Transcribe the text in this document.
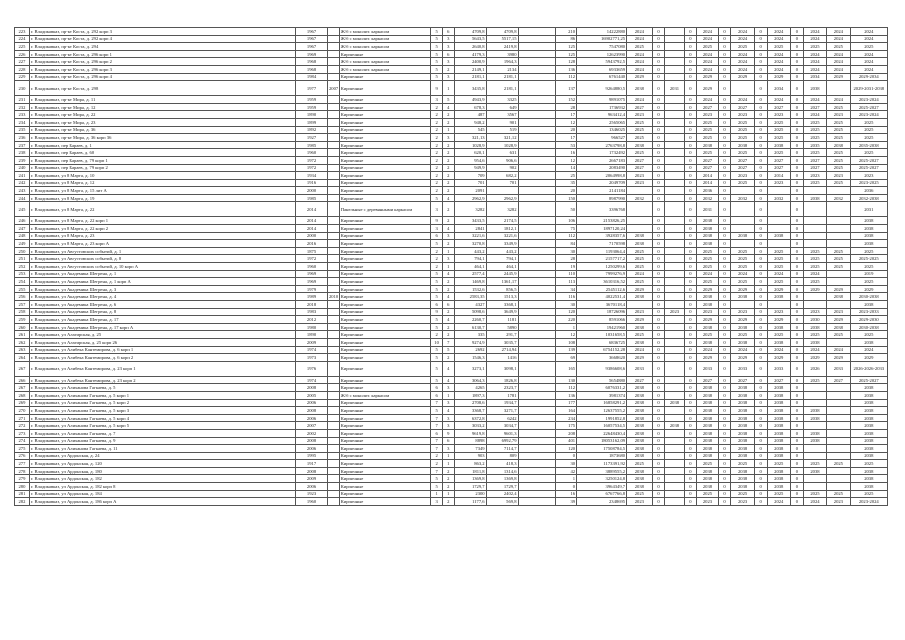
223	г. Владикавказ, пр-кт Коста, д. 292 корп 3	1967		Ж/б с монолит. каркасом	5	6	4709,8	4709,8		210	14222880	2024	0		0	2024	0	2024	0	2024	0	2024	2024	2024
224	г. Владикавказ, пр-кт Коста, д. 292 корп 4	1967		Ж/б с монолит. каркасом	5	3	5643,5	5517,15		86	16902771,25	2024	0		0	2024	0	2024	0	2024	0	2024	2024	2024
225	г. Владикавказ, пр-кт Коста, д. 294	1967		Ж/б с монолит. каркасом	5	3	2640,8	2419,8		125	7547080	2025	0		0	2025	0	2025	0	2025	0	2025	2025	2025
226	г. Владикавказ, пр-кт Коста, д. 296 корп 1	1969		Кирпичные	5	6	4179,3	3980		125	12623990	2024	0		0	2024	0	2024	0	2024	0	2024	2024	2024
227	г. Владикавказ, пр-кт Коста, д. 296 корп 2	1968		Ж/б с монолит. каркасом	5	3	2400,9	1964,3		128	5943792,5	2024	0		0	2024	0	2024	0	2024	0	2024	2024	2024
228	г. Владикавказ, пр-кт Коста, д. 296 корп 3	1968		Ж/б с монолит. каркасом	5	2	2149,1	2134		136	6933659	2024	0		0	2024	0	2024	0	2024	0	2024	2024	2024
229	г. Владикавказ, пр-кт Коста, д. 296 корп 4	1984		Кирпичные	5	3	2181,1	2181,1		112	6761440	2029	0		0	2029	0	2029	0	2029	0	2034	2029	2029-2034
230	г. Владикавказ, пр-кт Коста, д. 298	1977	2007	Кирпичные	9	1	3435,8	2181,1		137	9264880,5	2038	0	2031	0	2029	0		0	2034	0	2038		2029-2031-2038
231	г. Владикавказ, пр-кт Мира, д. 11	1959		Кирпичные	3	5	4943,9	3325		152	9891075	2024	0		0	2024	0	2024	0	2024	0	2024	2024	2023-2024
232	г. Владикавказ, пр-кт Мира, д. 12	1959		Кирпичные	2	4	678,3	649		28	1736932	2027	0		0	2027	0	2027	0	2027	0	2027	2025	2025-2027
233	г. Владикавказ, пр-кт Мира, д. 22	1890		Кирпичные	2	2	487	3567		17	963412,4	2023	0		0	2023	0	2023	0	2023	0	2024	2023	2023-2024
234	г. Владикавказ, пр-кт Мира, д. 23	1899		Кирпичные	2	2	948,2	901		12	2565065	2025	0		0	2025	0	2025	0	2025	0	2025	2025	2025
235	г. Владикавказ, пр-кт Мира, д. 36	1892		Кирпичные	2	1	545	519		20	1346025	2025	0		0	2025	0	2025	0	2025	0	2025	2025	2025
236	г. Владикавказ, пр-кт Мира, д. 36 корп 36	1927		Кирпичные	2	3	321,13	321,12		17	966527	2025	0		0	2025	0	2025	0	2025	0	2025	2025	2025
237	г. Владикавказ, пер Бараев, д. 1	1985		Кирпичные	2	2	1028,9	1028,9		53	2763798,8	2038	0		0	2038	0	2038	0	2038	0	2035	2038	2035-2038
238	г. Владикавказ, пер Бараев, д. 60	1960		Кирпичные	2	2	620,1	631		16	1732492	2025	0		0	2025	0	2025	0	2025	0	2025	2025	2025
239	г. Владикавказ, пер Бараев, д. 79 корп 1	1972		Кирпичные	2	2	954,6	906,6		12	2667183	2027	0		0	2027	0	2027	0	2027	0	2027	2025	2025-2027
240	г. Владикавказ, пер Бараев, д. 79 корп 2	1972		Кирпичные	2	2	949,9	902		14	2083490	2027	0		0	2027	0	2027	0	2027	0	2027	2025	2025-2027
241	г. Владикавказ, ул 8 Марта, д. 10	1934		Кирпичные	2	2	709	682,2		25	2064998,8	2023	0		0	2014	0	2023	0	2014	0	2023	2023	2023
242	г. Владикавказ, ул 8 Марта, д. 12	1916		Кирпичные	2	2	701	701		35	2049709	2023	0		0	2014	0	2025	0	2023	0	2025	2025	2023-2025
243	г. Владикавказ, ул 8 Марта, д. 15 лит А	2000		Кирпичные	2	2	2091			20	2141184		0		0	2036	0		0		0			2036
244	г. Владикавказ, ул 8 Марта, д. 19	1985		Кирпичные	5	4	2962,9	2962,9		150	8987990	2032	0		0	2032	0	2032	0	2032	0	2038	2032	2032-2038
245	г. Владикавказ, ул 8 Марта, д. 22	2014		Панельные с деревянными каркасом	3	2	3282	3282		50	3396768		0		0	2031	0		0		0			2031
246	г. Владикавказ, ул 8 Марта, д. 22 корп 1	2014		Кирпичные	9	2	3433,5	2174,5		106	2153826,25		0		0	2038	0		0		0			2038
247	г. Владикавказ, ул 8 Марта, д. 22 корп 2	2014		Кирпичные	3	4	2841	1812,1		75	1897120,24		0		0	2038	0		0		0			2038
248	г. Владикавказ, ул 8 Марта, д. 23	2000		Кирпичные	6	3	3221,6	3221,6		112	3928357,6	2038	0		0	2038	0	2038	0	2038	0			2038
249	г. Владикавказ, ул 8 Марта, д. 23 корп А	2016		Кирпичные	5	2	3270,8	3349,9		84	7170598	2038	0		0	2038	0		0		0			2038
250	г. Владикавказ, ул Августовских событий, д. 1	1875		Кирпичные	2	1	443,2	443,2		30	1193064,4	2025	0		0	2025	0	2025	0	2025	0	2025	2025	2025
251	г. Владикавказ, ул Августовских событий, д. 8	1972		Кирпичные	2	3	794,1	794,1		28	2157717,2	2025	0		0	2025	0	2025	0	2025	0	2025	2025	2025-2025
252	г. Владикавказ, ул Августовских событий, д. 10 корп А	1960		Кирпичные	2	1	464,1	464,1		19	1250299,6	2025	0		0	2025	0	2025	0	2025	0	2025	2025	2025
253	г. Владикавказ, ул Академика Шегрена, д. 1	1969		Кирпичные	5	4	2577,4	2445,9		110	7999276,9	2024	0		0	2024	0	2024	0	2024	0	2024		2019
254	г. Владикавказ, ул Академика Шегрена, д. 1 корп А	1969		Кирпичные	5	2	1469,8	1361,17		113	3610316,52	2025	0		0	2025	0	2025	0	2025	0	2025		2025
255	г. Владикавказ, ул Академика Шегрена, д. 3	1979		Кирпичные	5	2	1532,6	856,5		34	2545112,6	2029	0		0	2029	0	2029	0	2029	0	2029	2029	2029
256	г. Владикавказ, ул Академика Шегрена, д. 4	1989	2010	Кирпичные	5	4	2583,35	1513,3		116	4022531,4	2038	0		0	2038	0	2038	0	2038	0		2038	2030-2038
257	г. Владикавказ, ул Академика Шегрена, д. 6	2018		Кирпичные	6	6	4327	3368,1		30	3670118,4		0		0	2038	0		0		0			2038
258	г. Владикавказ, ул Академика Шегрена, д. 8	1983		Кирпичные	9	2	5098,6	3649,9		120	18726096	2023	0	2023	0	2023	0	2023	0	2023	0	2023	2023	2023-2033
259	г. Владикавказ, ул Академика Шегрена, д. 17	2012		Кирпичные	5	4	2260,7	1181		220	8591066	2029	0		0	2029	0	2029	0	2029	0	2030	2029	2029-2030
260	г. Владикавказ, ул Академика Шегрена, д. 17 корп А	1980		Кирпичные	5	2	6130,7	5890		1	19421960	2038	0		0	2038	0	2038	0	2038	0	2038	2038	2030-2038
261	г. Владикавказ, ул Алагирская, д. 25	1890		Кирпичные	2	2	335	291,7		12	1031658,5	2025	0		0	2025	0	2025	0	2025	0	2025	2025	2025
262	г. Владикавказ, ул Алагирская, д. 25 корп 26	2009		Кирпичные	10	7	9274,9	3035,7		108	6836725	2038	0		0	2038	0	2038	0	2038	0	2038		2038
263	г. Владикавказ, ул Алибека Кантемирова, д. 6 корп 1	1974		Кирпичные	5	5	2692	2714,94		139	6754152,28	2024	0		0	2024	0	2024	0	2024	0	2024	2024	2024
264	г. Владикавказ, ул Алибека Кантемирова, д. 6 корп 2	1973		Кирпичные	5	2	1546,3	1416		69	3668620	2029	0		0	2029	0	2029	0	2029	0	2029	2029	2029
267	г. Владикавказ, ул Алибека Кантемирова, д. 23 корп 1	1976		Кирпичные	5	4	3273,1	3098,1		165	9386608,6	2033	0		0	2033	0	2033	0	2033	0	2026	2033	2026-2026-2033
266	г. Владикавказ, ул Алибека Кантемирова, д. 23 корп 2	1974		Кирпичные	5	4	3064,3	1826,8		130	5654880	2027	0		0	2027	0	2027	0	2027	0	2025	2027	2025-2027
267	г. Владикавказ, ул Алиханова Гагкаева, д. 5	2008		Кирпичные	6	3	4265	2323,7		112	6076331,2	2038	0		0	2038	0	2038	0	2038	0			2038
268	г. Владикавказ, ул Алиханова Гагкаева, д. 5 корп 1	2005		Ж/б с монолит. каркасом	6	1	1897,3	1781		136	3981374	2038	0		0	2038	0	2038	0	2038	0			2038
269	г. Владикавказ, ул Алиханова Гагкаева, д. 5 корп 2	2006		Кирпичные	7	3	2708,6	1934,7		177	16858291,2	2038	0	2038	0	2038	0	2038	0	2038	0			2038
270	г. Владикавказ, ул Алиханова Гагкаева, д. 5 корп 3	2008		Кирпичные	5	4	3368,7	3271,7		164	12637555,2	2038	0		0	2038	0	2038	0	2038	0	2038		2038
271	г. Владикавказ, ул Алиханова Гагкаева, д. 5 корп 4	2006		Кирпичные	7	3	6372,8	6242		234	1991852,8	2038	0		0	2038	0	2038	0	2038	0	2038		2038
272	г. Владикавказ, ул Алиханова Гагкаева, д. 5 корп 5	2007		Кирпичные	7	3	3033,2	3034,7		175	16057534,5	2038	0	2038	0	2038	0	2038	0	2038	0			2038
273	г. Владикавказ, ул Алиханова Гагкаева, д. 7	2002		Кирпичные	6	9	9619,8	9601,3		208	22648430,4	2038	0		0	2038	0	2038	0	2038	0	2038		2038
274	г. Владикавказ, ул Алиханова Гагкаева, д. 9	2008		Кирпичные	7	6	8898	6992,79		401	18053162,09	2038	0		0	2038	0	2038	0	2038	0	2038		2038
275	г. Владикавказ, ул Алиханова Гагкаева, д. 11	2006		Кирпичные	7	3	7349	7114,7		120	17508784,5	2038	0		0	2038	0	2038	0	2038	0			2038
276	г. Владикавказ, ул Ардонская, д. 24	1995		Кирпичные	2	1	903	809		0	1873680	2038	0		0	2038	0	2038	0	2038	0			2038
277	г. Владикавказ, ул Ардонская, д. 120	1917		Кирпичные	2	1	863,2	418,3		30	1173391,92	2025	0		0	2025	0	2025	0	2025	0	2025	2025	2025
278	г. Владикавказ, ул Ардонская, д. 180	2008		Кирпичные	7	2	1811,8	1314,6		42	3889555,2	2038	0		0	2038	0	2038	0	2038	0	2038		2038
279	г. Владикавказ, ул Ардонская, д. 182	2009		Кирпичные	5	2	1369,8	1369,8		1	3250124,8	2038	0		0	2038	0	2038	0	2038	0			2038
280	г. Владикавказ, ул Ардонская, д. 182 корп 8	2006		Кирпичные	5	2	1729,7	1729,7		0	3964349,7	2038	0		0	2038	0	2038	0	2038	0			2038
281	г. Владикавказ, ул Ардонская, д. 184	1923		Кирпичные	1	1	2300	2402,4		16	6767766,8	2025	0		0	2025	0	2025	0	2025	0	2025	2025	2025
282	г. Владикавказ, ул Ардонская, д. 186 корп А	1960		Кирпичные	3	2	1177,6	569,8		39	2348695	2023	0		0	2023	0	2023	0	2024	0	2024	2023	2023-2024
